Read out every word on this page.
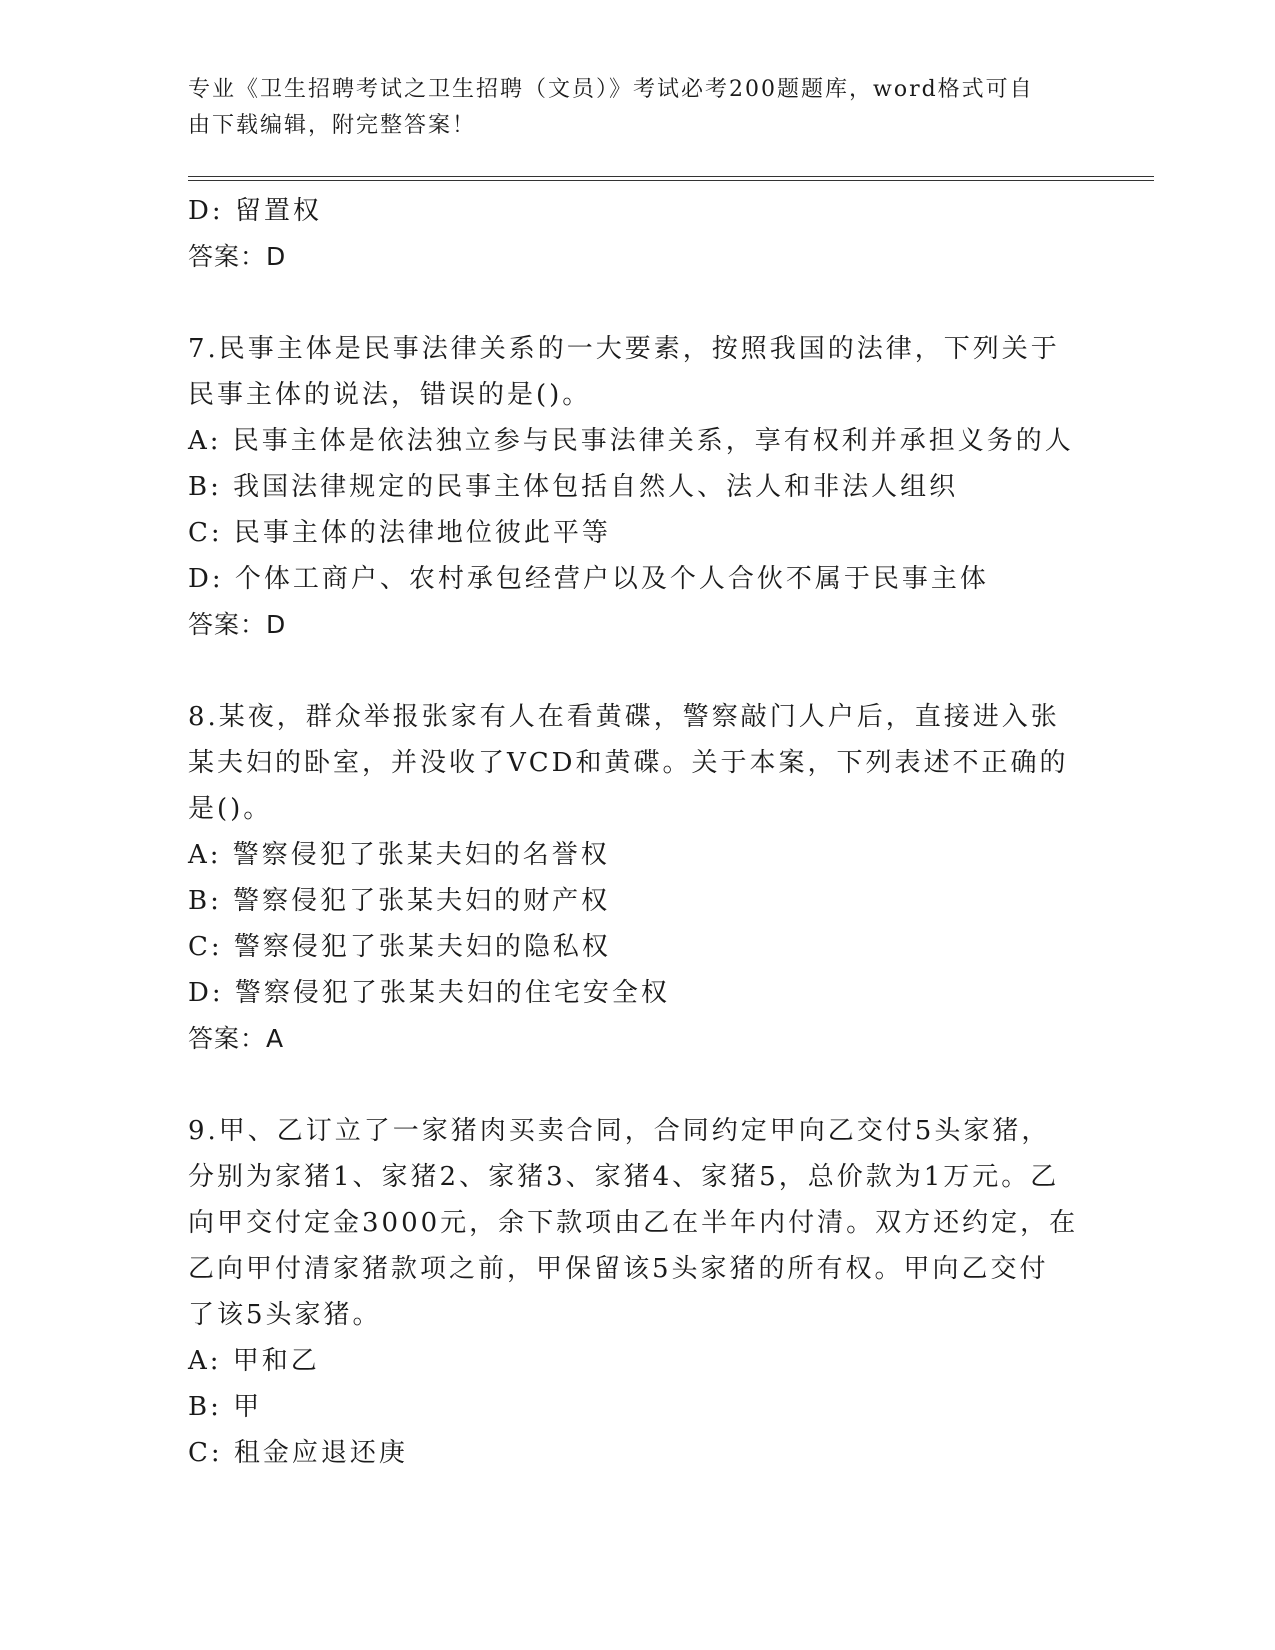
专业《卫生招聘考试之卫生招聘（文员）》考试必考200题题库，word格式可自
由下载编辑，附完整答案！
D: 留置权
答案：D
7.民事主体是民事法律关系的一大要素，按照我国的法律，下列关于
民事主体的说法，错误的是()。
A: 民事主体是依法独立参与民事法律关系，享有权利并承担义务的人
B: 我国法律规定的民事主体包括自然人、法人和非法人组织
C: 民事主体的法律地位彼此平等
D: 个体工商户、农村承包经营户以及个人合伙不属于民事主体
答案：D
8.某夜，群众举报张家有人在看黄碟，警察敲门人户后，直接进入张
某夫妇的卧室，并没收了VCD和黄碟。关于本案，下列表述不正确的
是()。
A: 警察侵犯了张某夫妇的名誉权
B: 警察侵犯了张某夫妇的财产权
C: 警察侵犯了张某夫妇的隐私权
D: 警察侵犯了张某夫妇的住宅安全权
答案：A
9.甲、乙订立了一家猪肉买卖合同，合同约定甲向乙交付5头家猪，
分别为家猪1、家猪2、家猪3、家猪4、家猪5，总价款为1万元。乙
向甲交付定金3000元，余下款项由乙在半年内付清。双方还约定，在
乙向甲付清家猪款项之前，甲保留该5头家猪的所有权。甲向乙交付
了该5头家猪。
A: 甲和乙
B: 甲
C: 租金应退还庚
